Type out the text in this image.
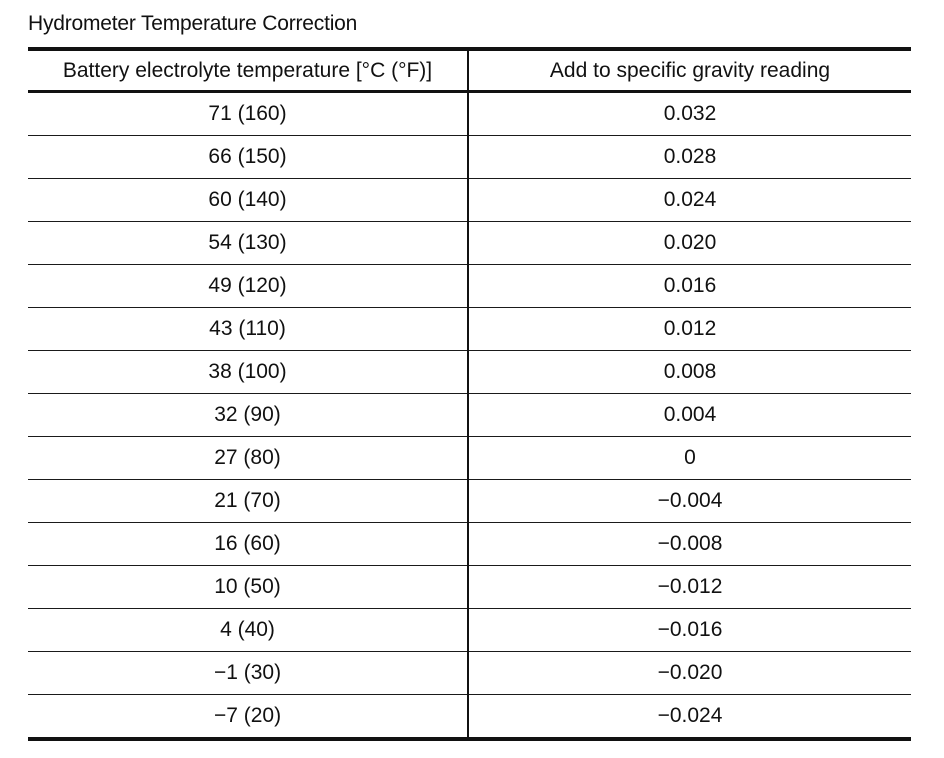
Hydrometer Temperature Correction
Battery electrolyte temperature [°C (°F)]	Add to specific gravity reading
71 (160)	0.032
66 (150)	0.028
60 (140)	0.024
54 (130)	0.020
49 (120)	0.016
43 (110)	0.012
38 (100)	0.008
32 (90)	0.004
27 (80)	0
21 (70)	−0.004
16 (60)	−0.008
10 (50)	−0.012
4 (40)	−0.016
−1 (30)	−0.020
−7 (20)	−0.024
